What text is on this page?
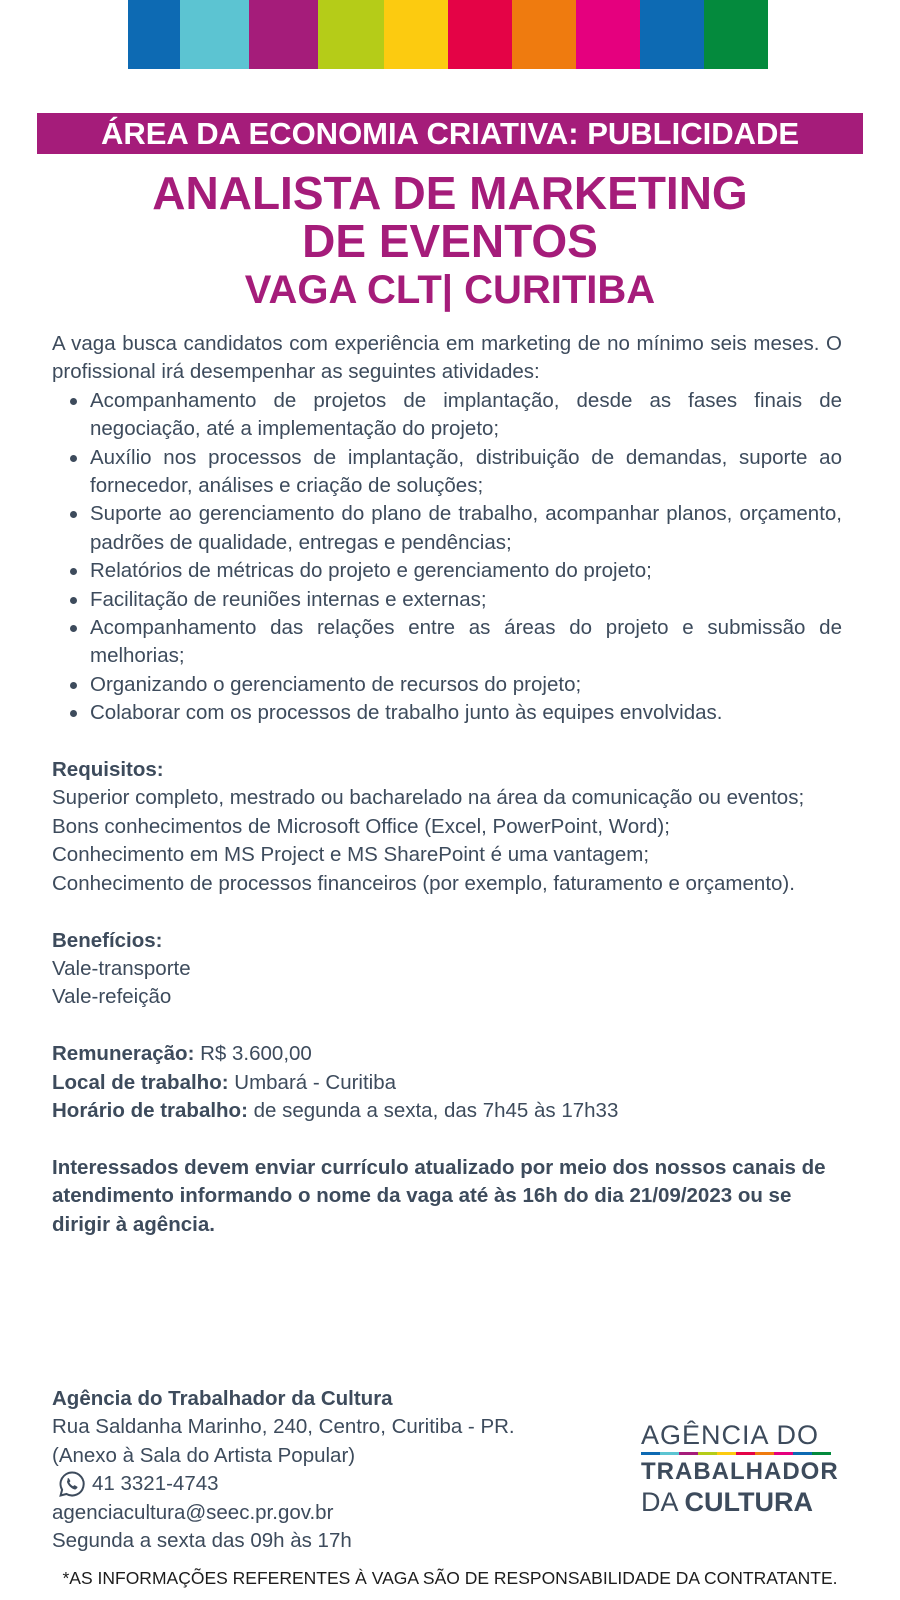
ÁREA DA ECONOMIA CRIATIVA: PUBLICIDADE
ANALISTA DE MARKETING
DE EVENTOS
VAGA CLT| CURITIBA

A vaga busca candidatos com experiência em marketing de no mínimo seis meses. O profissional irá desempenhar as seguintes atividades:

Acompanhamento de projetos de implantação, desde as fases finais de negociação, até a implementação do projeto;
Auxílio nos processos de implantação, distribuição de demandas, suporte ao fornecedor, análises e criação de soluções;
Suporte ao gerenciamento do plano de trabalho, acompanhar planos, orçamento, padrões de qualidade, entregas e pendências;
Relatórios de métricas do projeto e gerenciamento do projeto;
Facilitação de reuniões internas e externas;
Acompanhamento das relações entre as áreas do projeto e submissão de melhorias;
Organizando o gerenciamento de recursos do projeto;
Colaborar com os processos de trabalho junto às equipes envolvidas.

Requisitos:

Superior completo, mestrado ou bacharelado na área da comunicação ou eventos;

Bons conhecimentos de Microsoft Office (Excel, PowerPoint, Word);

Conhecimento em MS Project e MS SharePoint é uma vantagem;

Conhecimento de processos financeiros (por exemplo, faturamento e orçamento).

Benefícios:

Vale-transporte

Vale-refeição

Remuneração: R$ 3.600,00

Local de trabalho: Umbará - Curitiba

Horário de trabalho: de segunda a sexta, das 7h45 às 17h33

Interessados devem enviar currículo atualizado por meio dos nossos canais de atendimento informando o nome da vaga até às 16h do dia 21/09/2023 ou se dirigir à agência.

Agência do Trabalhador da Cultura
Rua Saldanha Marinho, 240, Centro, Curitiba - PR.
(Anexo à Sala do Artista Popular)
41 3321-4743
agenciacultura@seec.pr.gov.br
Segunda a sexta das 09h às 17h
AGÊNCIA DO
TRABALHADOR
DA CULTURA
*AS INFORMAÇÕES REFERENTES À VAGA SÃO DE RESPONSABILIDADE DA CONTRATANTE.
